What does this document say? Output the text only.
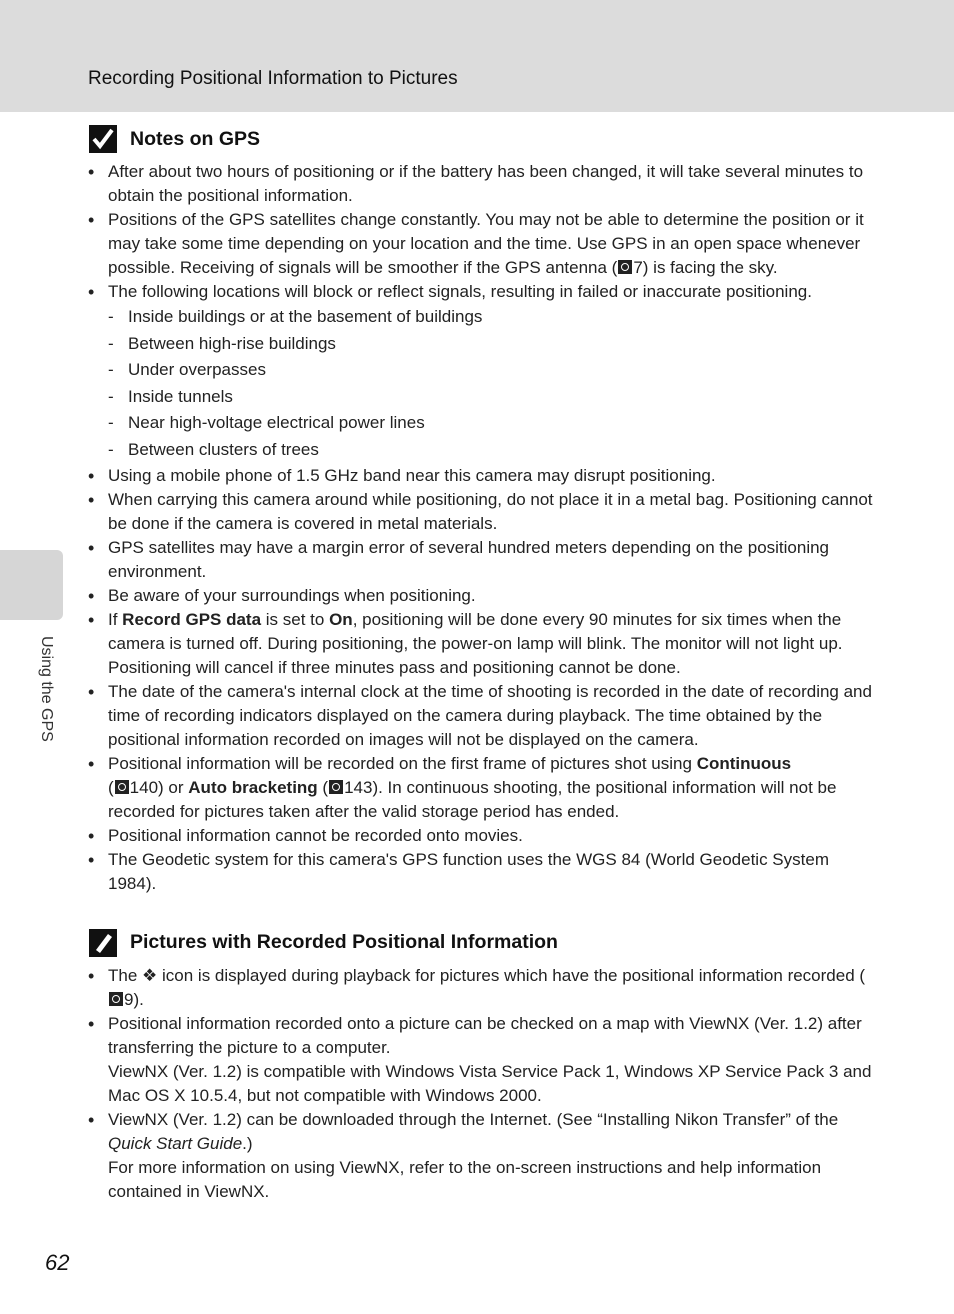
Recording Positional Information to Pictures
Using the GPS
Notes on GPS
• After about two hours of positioning or if the battery has been changed, it will take several minutes to obtain the positional information.
• Positions of the GPS satellites change constantly. You may not be able to determine the position or it may take some time depending on your location and the time. Use GPS in an open space whenever possible. Receiving of signals will be smoother if the GPS antenna ( 7) is facing the sky.
• The following locations will block or reflect signals, resulting in failed or inaccurate positioning.
- Inside buildings or at the basement of buildings
- Between high-rise buildings
- Under overpasses
- Inside tunnels
- Near high-voltage electrical power lines
- Between clusters of trees
• Using a mobile phone of 1.5 GHz band near this camera may disrupt positioning.
• When carrying this camera around while positioning, do not place it in a metal bag. Positioning cannot be done if the camera is covered in metal materials.
• GPS satellites may have a margin error of several hundred meters depending on the positioning environment.
• Be aware of your surroundings when positioning.
• If Record GPS data is set to On, positioning will be done every 90 minutes for six times when the camera is turned off. During positioning, the power-on lamp will blink. The monitor will not light up. Positioning will cancel if three minutes pass and positioning cannot be done.
• The date of the camera's internal clock at the time of shooting is recorded in the date of recording and time of recording indicators displayed on the camera during playback. The time obtained by the positional information recorded on images will not be displayed on the camera.
• Positional information will be recorded on the first frame of pictures shot using Continuous
( 140) or Auto bracketing ( 143). In continuous shooting, the positional information will not be recorded for pictures taken after the valid storage period has ended.
• Positional information cannot be recorded onto movies.
• The Geodetic system for this camera's GPS function uses the WGS 84 (World Geodetic System 1984).
Pictures with Recorded Positional Information
• The ❖ icon is displayed during playback for pictures which have the positional information recorded (9).
• Positional information recorded onto a picture can be checked on a map with ViewNX (Ver. 1.2) after transferring the picture to a computer.
ViewNX (Ver. 1.2) is compatible with Windows Vista Service Pack 1, Windows XP Service Pack 3 and Mac OS X 10.5.4, but not compatible with Windows 2000.
• ViewNX (Ver. 1.2) can be downloaded through the Internet. (See “Installing Nikon Transfer” of the Quick Start Guide.)
For more information on using ViewNX, refer to the on-screen instructions and help information contained in ViewNX.
62
